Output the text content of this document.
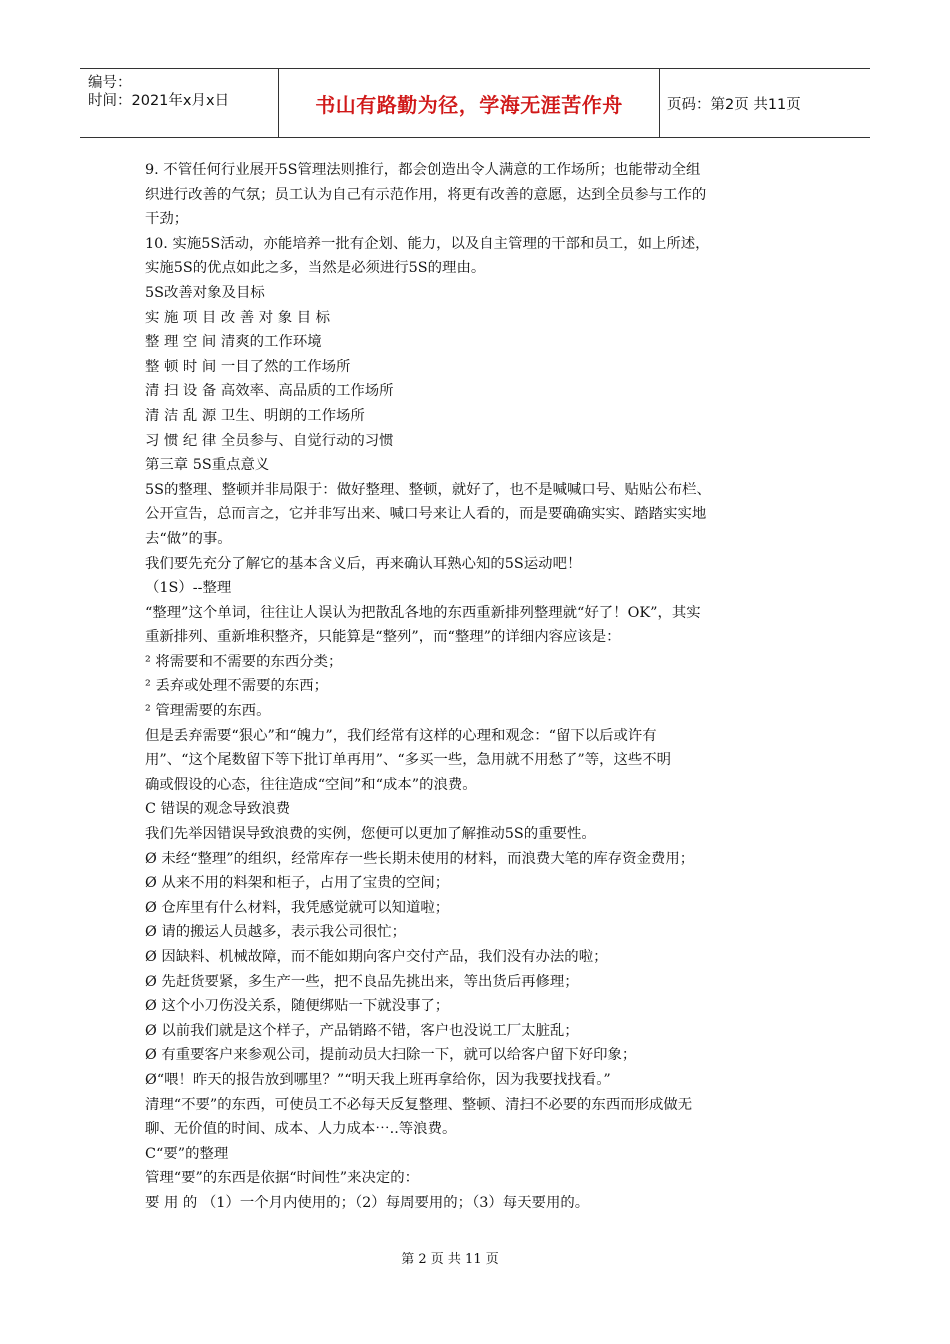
编号：
时间：2021年x月x日	书山有路勤为径，学海无涯苦作舟	页码：第2页 共11页
9. 不管任何行业展开5S管理法则推行，都会创造出令人满意的工作场所；也能带动全组
织进行改善的气氛；员工认为自己有示范作用，将更有改善的意愿，达到全员参与工作的
干劲；
10. 实施5S活动，亦能培养一批有企划、能力，以及自主管理的干部和员工，如上所述，
实施5S的优点如此之多，当然是必须进行5S的理由。
5S改善对象及目标
实 施 项 目 改 善 对 象 目 标
整 理 空 间 清爽的工作环境
整 顿 时 间 一目了然的工作场所
清 扫 设 备 高效率、高品质的工作场所
清 洁 乱 源 卫生、明朗的工作场所
习 惯 纪 律 全员参与、自觉行动的习惯
第三章 5S重点意义
5S的整理、整顿并非局限于：做好整理、整顿，就好了，也不是喊喊口号、贴贴公布栏、
公开宣告，总而言之，它并非写出来、喊口号来让人看的，而是要确确实实、踏踏实实地
去“做”的事。
我们要先充分了解它的基本含义后，再来确认耳熟心知的5S运动吧！
（1S）--整理
“整理”这个单词，往往让人误认为把散乱各地的东西重新排列整理就“好了！OK”，其实
重新排列、重新堆积整齐，只能算是“整列”，而“整理”的详细内容应该是：
² 将需要和不需要的东西分类；
² 丢弃或处理不需要的东西；
² 管理需要的东西。
但是丢弃需要“狠心”和“魄力”，我们经常有这样的心理和观念：“留下以后或许有
用”、“这个尾数留下等下批订单再用”、“多买一些，急用就不用愁了”等，这些不明
确或假设的心态，往往造成“空间”和“成本”的浪费。
C 错误的观念导致浪费
我们先举因错误导致浪费的实例，您便可以更加了解推动5S的重要性。
Ø 未经“整理”的组织，经常库存一些长期未使用的材料，而浪费大笔的库存资金费用；
Ø 从来不用的料架和柜子，占用了宝贵的空间；
Ø 仓库里有什么材料，我凭感觉就可以知道啦；
Ø 请的搬运人员越多，表示我公司很忙；
Ø 因缺料、机械故障，而不能如期向客户交付产品，我们没有办法的啦；
Ø 先赶货要紧，多生产一些，把不良品先挑出来，等出货后再修理；
Ø 这个小刀伤没关系，随便绑贴一下就没事了；
Ø 以前我们就是这个样子，产品销路不错，客户也没说工厂太脏乱；
Ø 有重要客户来参观公司，提前动员大扫除一下，就可以给客户留下好印象；
Ø“喂！昨天的报告放到哪里？”“明天我上班再拿给你，因为我要找找看。”
清理“不要”的东西，可使员工不必每天反复整理、整顿、清扫不必要的东西而形成做无
聊、无价值的时间、成本、人力成本⋯..等浪费。
C“要”的整理
管理“要”的东西是依据“时间性”来决定的：
要 用 的 （1）一个月内使用的；（2）每周要用的；（3）每天要用的。
第 2 页 共 11 页
